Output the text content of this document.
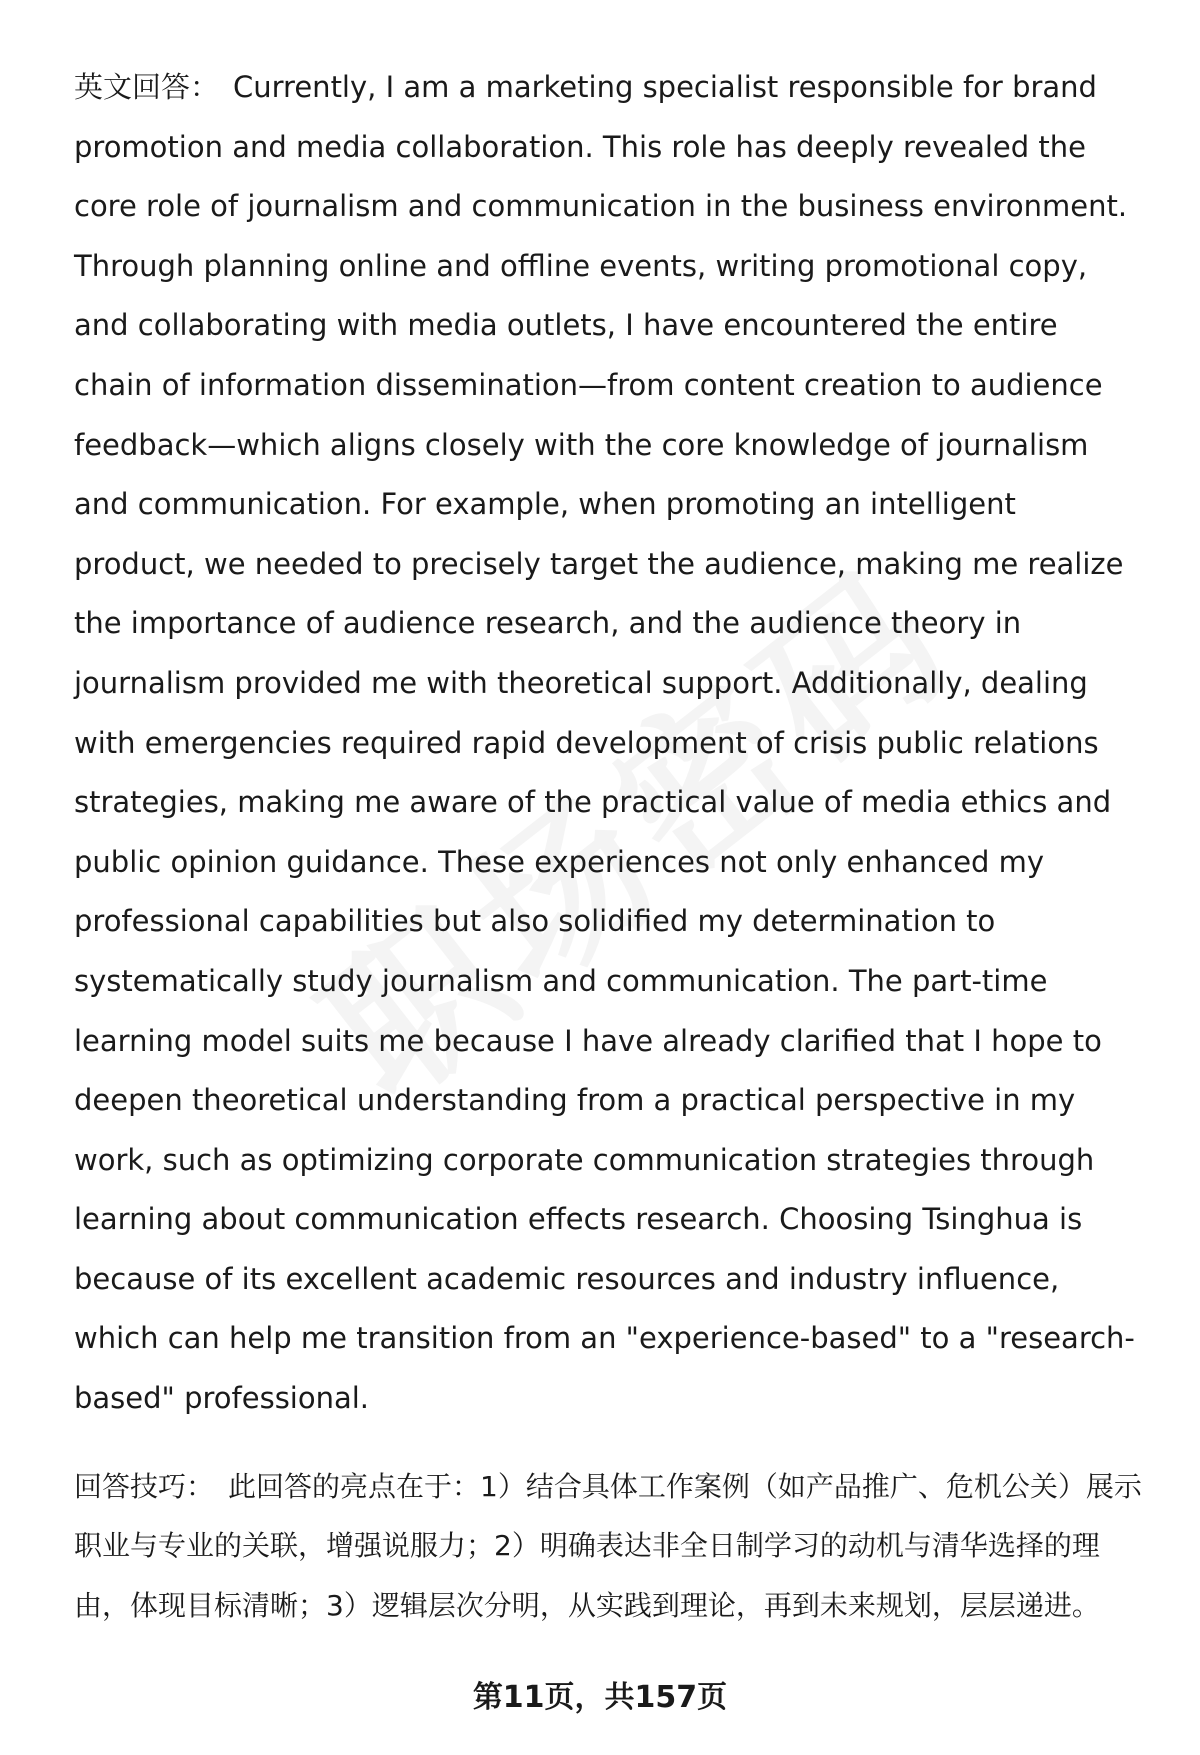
英文回答： Currently, I am a marketing specialist responsible for brand promotion and media collaboration. This role has deeply revealed the core role of journalism and communication in the business environment. Through planning online and offline events, writing promotional copy, and collaborating with media outlets, I have encountered the entire chain of information dissemination—from content creation to audience feedback—which aligns closely with the core knowledge of journalism and communication. For example, when promoting an intelligent product, we needed to precisely target the audience, making me realize the importance of audience research, and the audience theory in journalism provided me with theoretical support. Additionally, dealing with emergencies required rapid development of crisis public relations strategies, making me aware of the practical value of media ethics and public opinion guidance. These experiences not only enhanced my professional capabilities but also solidified my determination to systematically study journalism and communication. The part-time learning model suits me because I have already clarified that I hope to deepen theoretical understanding from a practical perspective in my work, such as optimizing corporate communication strategies through learning about communication effects research. Choosing Tsinghua is because of its excellent academic resources and industry influence, which can help me transition from an "experience-based" to a "research-based" professional.

回答技巧： 此回答的亮点在于：1）结合具体工作案例（如产品推广、危机公关）展示职业与专业的关联，增强说服力；2）明确表达非全日制学习的动机与清华选择的理由，体现目标清晰；3）逻辑层次分明，从实践到理论，再到未来规划，层层递进。

第11页，共157页
